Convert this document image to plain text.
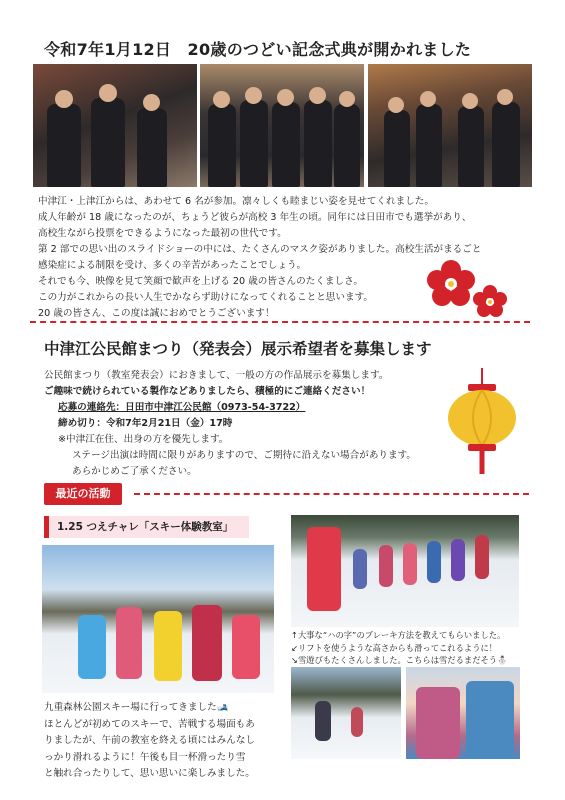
令和7年1月12日　20歳のつどい記念式典が開かれました
中津江・上津江からは、あわせて 6 名が参加。凛々しくも睦まじい姿を見せてくれました。
成人年齢が 18 歳になったのが、ちょうど彼らが高校 3 年生の頃。同年には日田市でも選挙があり、
高校生ながら投票をできるようになった最初の世代です。
第 2 部での思い出のスライドショーの中には、たくさんのマスク姿がありました。高校生活がまるごと
感染症による制限を受け、多くの辛苦があったことでしょう。
それでも今、映像を見て笑顔で歓声を上げる 20 歳の皆さんのたくましさ。
この力がこれからの長い人生でかならず助けになってくれることと思います。
20 歳の皆さん、この度は誠におめでとうございます！
中津江公民館まつり（発表会）展示希望者を募集します
公民館まつり（教室発表会）におきまして、一般の方の作品展示を募集します。
ご趣味で続けられている製作などありましたら、積極的にご連絡ください！
応募の連絡先：日田市中津江公民館（0973-54-3722）
締め切り：令和7年2月21日（金）17時
※中津江在住、出身の方を優先します。
ステージ出演は時間に限りがありますので、ご期待に沿えない場合があります。
あらかじめご了承ください。
最近の活動
1.25 つえチャレ「スキー体験教室」
↑大事な“ハの字”のブレーキ方法を教えてもらいました。
↙リフトを使うような高さからも滑ってこれるように！
↘雪遊びもたくさんしました。こちらは雪だるまだそう⛄
九重森林公園スキー場に行ってきました🎿
ほとんどが初めてのスキーで、苦戦する場面もあ
りましたが、午前の教室を終える頃にはみんなし
っかり滑れるように！午後も目一杯滑ったり雪
と触れ合ったりして、思い思いに楽しみました。
